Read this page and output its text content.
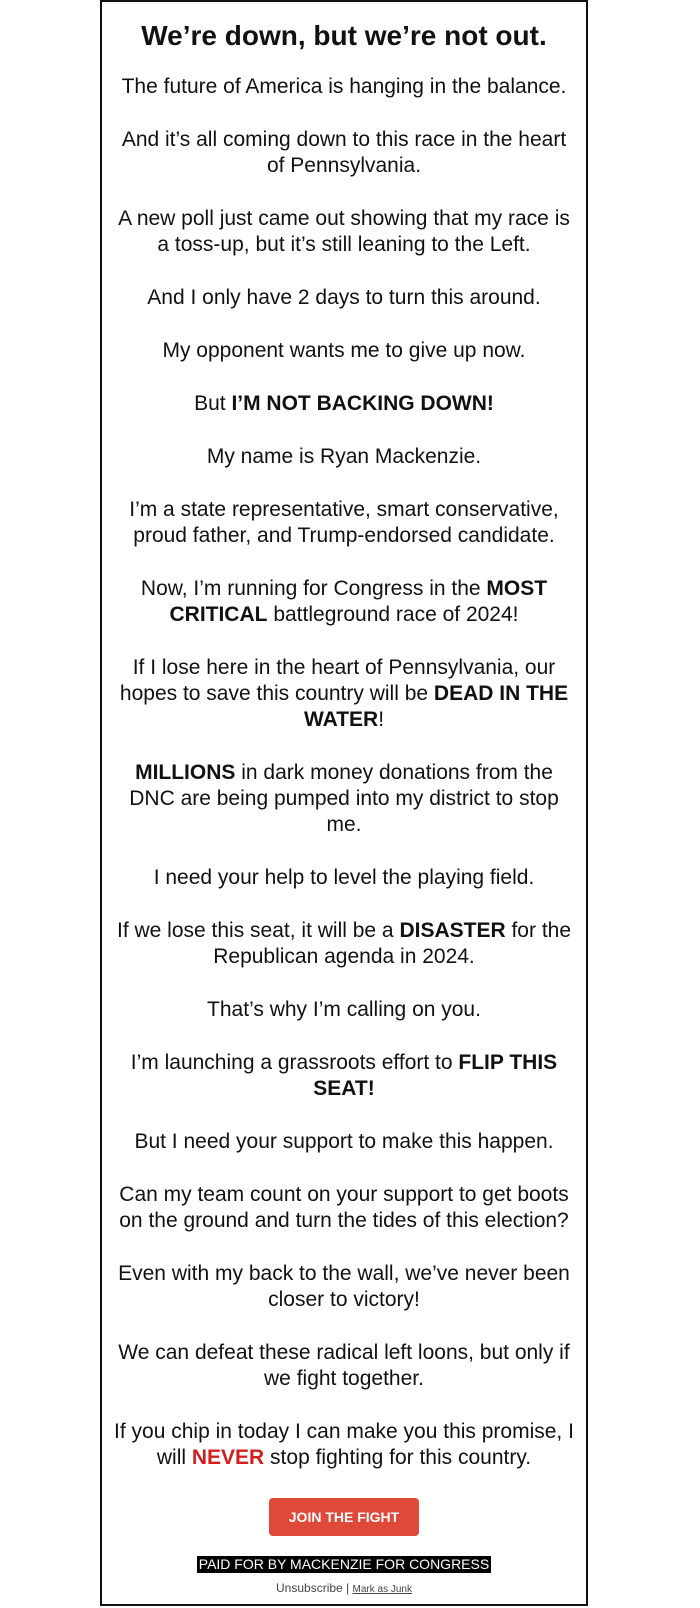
We’re down, but we’re not out.

The future of America is hanging in the balance.

And it’s all coming down to this race in the heart of Pennsylvania.

A new poll just came out showing that my race is a toss-up, but it’s still leaning to the Left.

And I only have 2 days to turn this around.

My opponent wants me to give up now.

But I’M NOT BACKING DOWN!

My name is Ryan Mackenzie.

I’m a state representative, smart conservative, proud father, and Trump-endorsed candidate.

Now, I’m running for Congress in the MOST CRITICAL battleground race of 2024!

If I lose here in the heart of Pennsylvania, our hopes to save this country will be DEAD IN THE WATER!

MILLIONS in dark money donations from the DNC are being pumped into my district to stop me.

I need your help to level the playing field.

If we lose this seat, it will be a DISASTER for the Republican agenda in 2024.

That’s why I’m calling on you.

I’m launching a grassroots effort to FLIP THIS SEAT!

But I need your support to make this happen.

Can my team count on your support to get boots on the ground and turn the tides of this election?

Even with my back to the wall, we’ve never been closer to victory!

We can defeat these radical left loons, but only if we fight together.

If you chip in today I can make you this promise, I will NEVER stop fighting for this country.

JOIN THE FIGHT
PAID FOR BY MACKENZIE FOR CONGRESS
Unsubscribe | Mark as Junk
